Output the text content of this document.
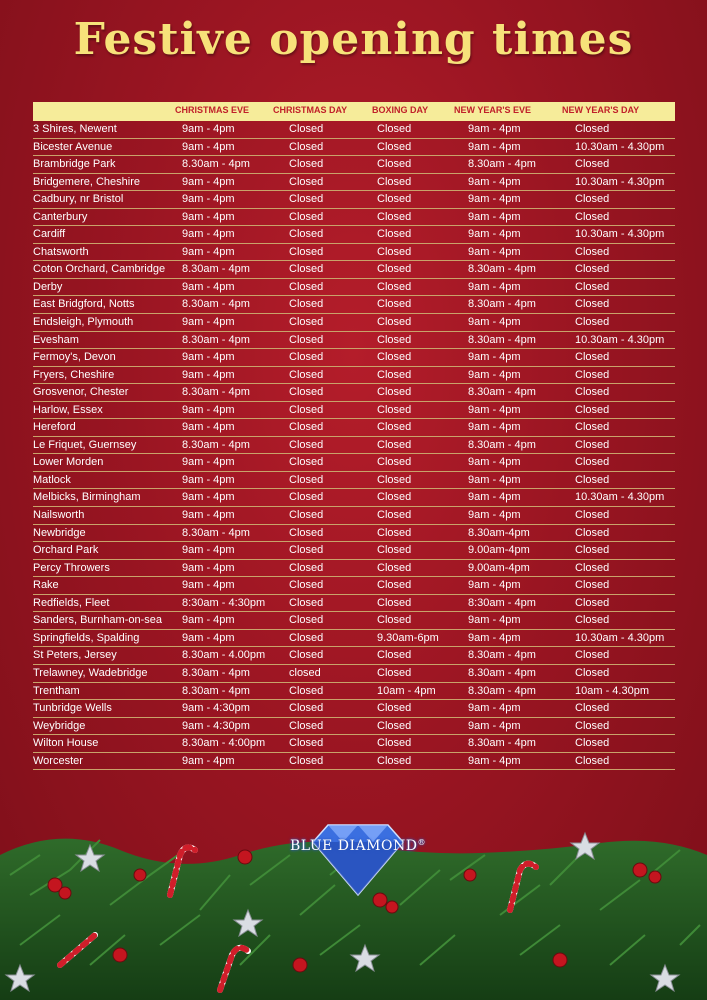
Festive opening times
CHRISTMAS EVE	CHRISTMAS DAY	BOXING DAY	NEW YEAR'S EVE	NEW YEAR'S DAY
3 Shires, Newent	9am - 4pm	Closed	Closed	9am - 4pm	Closed
Bicester Avenue	9am - 4pm	Closed	Closed	9am - 4pm	10.30am - 4.30pm
Brambridge Park	8.30am - 4pm	Closed	Closed	8.30am - 4pm	Closed
Bridgemere, Cheshire	9am - 4pm	Closed	Closed	9am - 4pm	10.30am - 4.30pm
Cadbury, nr Bristol	9am - 4pm	Closed	Closed	9am - 4pm	Closed
Canterbury	9am - 4pm	Closed	Closed	9am - 4pm	Closed
Cardiff	9am - 4pm	Closed	Closed	9am - 4pm	10.30am - 4.30pm
Chatsworth	9am - 4pm	Closed	Closed	9am - 4pm	Closed
Coton Orchard, Cambridge 8.30am - 4pm	Closed	Closed	8.30am - 4pm	Closed
Derby	9am - 4pm	Closed	Closed	9am - 4pm	Closed
East Bridgford, Notts	8.30am - 4pm	Closed	Closed	8.30am - 4pm	Closed
Endsleigh, Plymouth	9am - 4pm	Closed	Closed	9am - 4pm	Closed
Evesham	8.30am - 4pm	Closed	Closed	8.30am - 4pm	10.30am - 4.30pm
Fermoy's, Devon	9am - 4pm	Closed	Closed	9am - 4pm	Closed
Fryers, Cheshire	9am - 4pm	Closed	Closed	9am - 4pm	Closed
Grosvenor, Chester	8.30am - 4pm	Closed	Closed	8.30am - 4pm	Closed
Harlow, Essex	9am - 4pm	Closed	Closed	9am - 4pm	Closed
Hereford	9am - 4pm	Closed	Closed	9am - 4pm	Closed
Le Friquet, Guernsey	8.30am - 4pm	Closed	Closed	8.30am - 4pm	Closed
Lower Morden	9am - 4pm	Closed	Closed	9am - 4pm	Closed
Matlock	9am - 4pm	Closed	Closed	9am - 4pm	Closed
Melbicks, Birmingham	9am - 4pm	Closed	Closed	9am - 4pm	10.30am - 4.30pm
Nailsworth	9am - 4pm	Closed	Closed	9am - 4pm	Closed
Newbridge	8.30am - 4pm	Closed	Closed	8.30am-4pm	Closed
Orchard Park	9am - 4pm	Closed	Closed	9.00am-4pm	Closed
Percy Throwers	9am - 4pm	Closed	Closed	9.00am-4pm	Closed
Rake	9am - 4pm	Closed	Closed	9am - 4pm	Closed
Redfields, Fleet	8:30am - 4:30pm Closed	Closed	8:30am - 4pm	Closed
Sanders, Burnham-on-sea 9am - 4pm	Closed	Closed	9am - 4pm	Closed
Springfields, Spalding	9am - 4pm	Closed	9.30am-6pm	9am - 4pm	10.30am - 4.30pm
St Peters, Jersey	8.30am - 4.00pm Closed	Closed	8.30am - 4pm	Closed
Trelawney, Wadebridge	8.30am - 4pm	closed	Closed	8.30am - 4pm	Closed
Trentham	8.30am - 4pm	Closed	10am - 4pm	8.30am - 4pm	10am - 4.30pm
Tunbridge Wells	9am - 4:30pm	Closed	Closed	9am - 4pm	Closed
Weybridge	9am - 4:30pm	Closed	Closed	9am - 4pm	Closed
Wilton House	8.30am - 4:00pm Closed	Closed	8.30am - 4pm	Closed
Worcester	9am - 4pm	Closed	Closed	9am - 4pm	Closed
BLUE DIAMOND®
